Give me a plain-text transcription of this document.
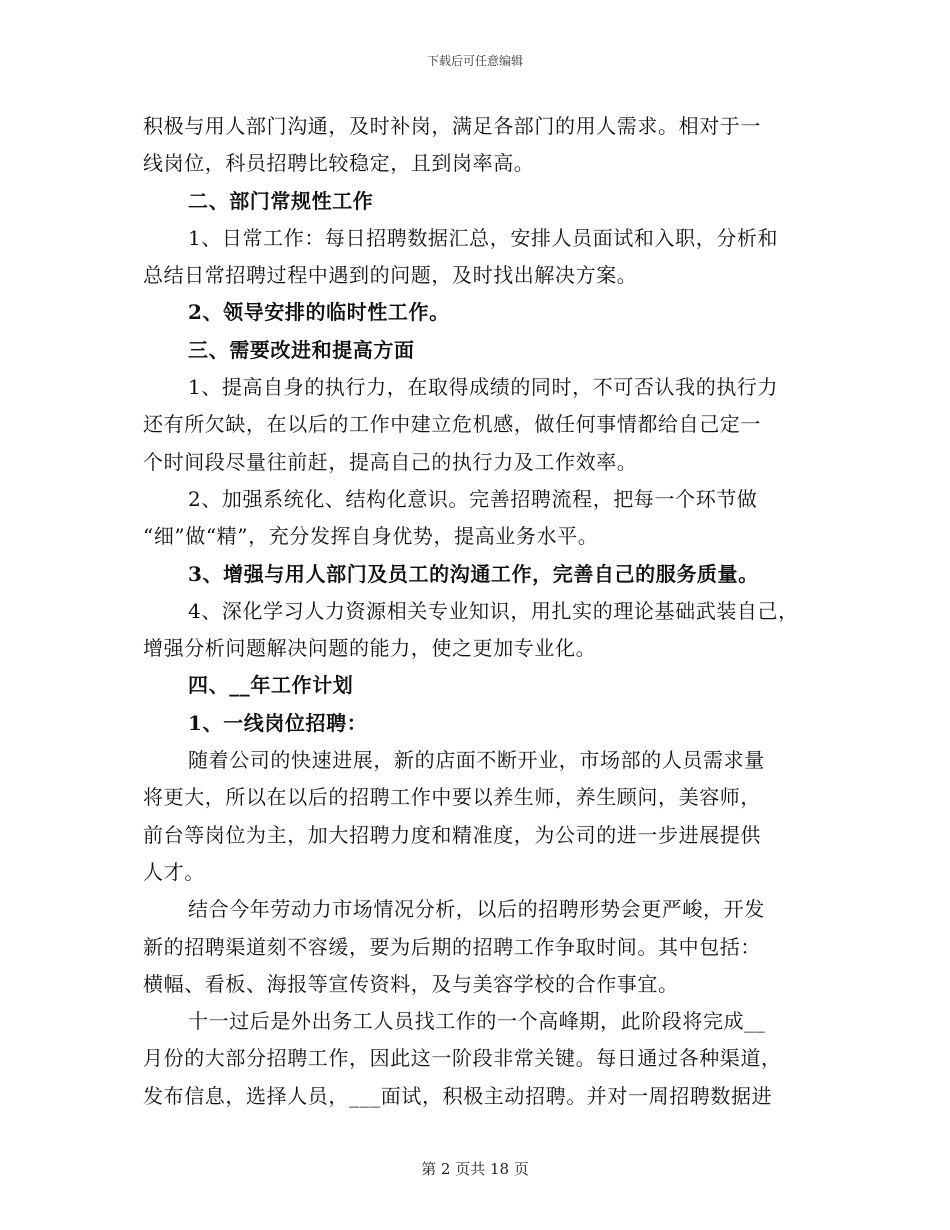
下载后可任意编辑
积极与用人部门沟通，及时补岗，满足各部门的用人需求。相对于一
线岗位，科员招聘比较稳定，且到岗率高。
二、部门常规性工作
1、日常工作：每日招聘数据汇总，安排人员面试和入职，分析和
总结日常招聘过程中遇到的问题，及时找出解决方案。
2、领导安排的临时性工作。
三、需要改进和提高方面
1、提高自身的执行力，在取得成绩的同时，不可否认我的执行力
还有所欠缺，在以后的工作中建立危机感，做任何事情都给自己定一
个时间段尽量往前赶，提高自己的执行力及工作效率。
2、加强系统化、结构化意识。完善招聘流程，把每一个环节做
“细”做“精”，充分发挥自身优势，提高业务水平。
3、增强与用人部门及员工的沟通工作，完善自己的服务质量。
4、深化学习人力资源相关专业知识，用扎实的理论基础武装自己，
增强分析问题解决问题的能力，使之更加专业化。
四、__年工作计划
1、一线岗位招聘：
随着公司的快速进展，新的店面不断开业，市场部的人员需求量
将更大，所以在以后的招聘工作中要以养生师，养生顾问，美容师，
前台等岗位为主，加大招聘力度和精准度，为公司的进一步进展提供
人才。
结合今年劳动力市场情况分析，以后的招聘形势会更严峻，开发
新的招聘渠道刻不容缓，要为后期的招聘工作争取时间。其中包括：
横幅、看板、海报等宣传资料，及与美容学校的合作事宜。
十一过后是外出务工人员找工作的一个高峰期，此阶段将完成__
月份的大部分招聘工作，因此这一阶段非常关键。每日通过各种渠道，
发布信息，选择人员，___面试，积极主动招聘。并对一周招聘数据进
第 2 页共 18 页
